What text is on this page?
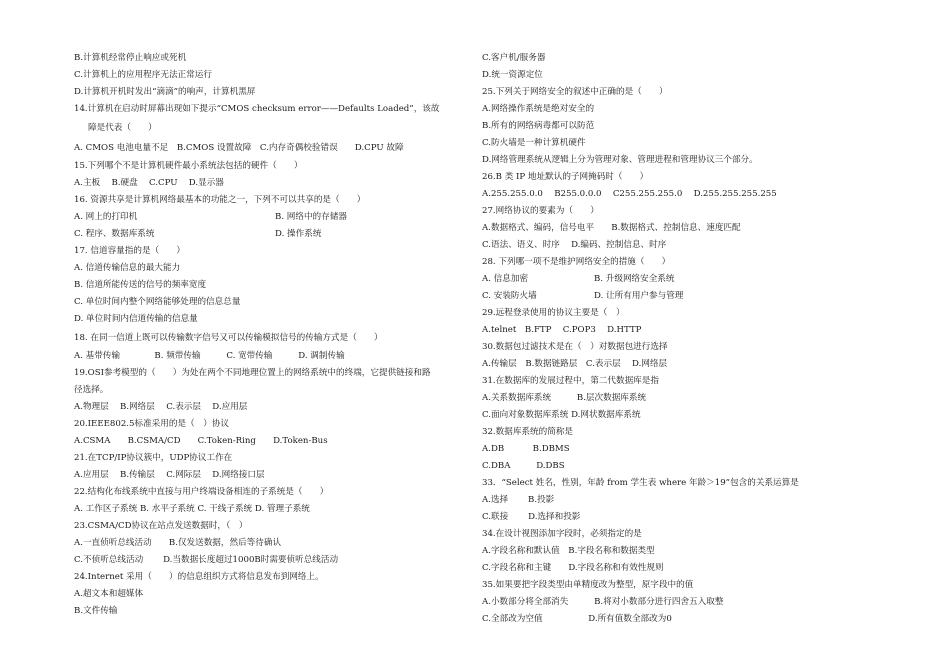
B.计算机经常停止响应或死机
C.计算机上的应用程序无法正常运行
D.计算机开机时发出“滴滴”的响声，计算机黑屏
14.计算机在启动时屏幕出现如下提示“CMOS checksum error——Defaults Loaded”，该故
障是代表（　　）
A. CMOS 电池电量不足　B.CMOS 设置故障　C.内存奇偶校验错误　　D.CPU 故障
15.下列哪个不是计算机硬件最小系统法包括的硬件（　　）
A.主板　 B.硬盘　 C.CPU　 D.显示器
16. 资源共享是计算机网络最基本的功能之一，下列不可以共享的是（　　）
A. 网上的打印机	B. 网络中的存储器
C. 程序、数据库系统	D. 操作系统
17. 信道容量指的是（　　）
A. 信道传输信息的最大能力
B. 信道所能传送的信号的频率宽度
C. 单位时间内整个网络能够处理的信息总量
D. 单位时间内信道传输的信息量
18. 在同一信道上既可以传输数字信号又可以传输模拟信号的传输方式是（　　）
A. 基带传输　　　　B. 频带传输　　　C. 宽带传输　　　D. 调制传输
19.OSI参考模型的（　　）为处在两个不同地理位置上的网络系统中的终端，它提供链接和路
径选择。
A.物理层　 B.网络层　 C.表示层　 D.应用层
20.IEEE802.5标准采用的是（　）协议
A.CSMA　　B.CSMA/CD　　C.Token-Ring　　D.Token-Bus
21.在TCP/IP协议簇中，UDP协议工作在
A.应用层　 B.传输层　 C.网际层　 D.网络接口层
22.结构化布线系统中直接与用户终端设备相连的子系统是（　　）
A. 工作区子系统 B. 水平子系统 C. 干线子系统 D. 管理子系统
23.CSMA/CD协议在站点发送数据时，（　）
A.一直侦听总线活动　　B.仅发送数据，然后等待确认
C.不侦听总线活动　　 D.当数据长度超过1000B时需要侦听总线活动
24.Internet 采用（　　）的信息组织方式将信息发布到网络上。
A.超文本和超媒体
B.文件传输
C.客户机/服务器
D.统一资源定位
25.下列关于网络安全的叙述中正确的是（　　）
A.网络操作系统是绝对安全的
B.所有的网络病毒都可以防范
C.防火墙是一种计算机硬件
D.网络管理系统从逻辑上分为管理对象、管理进程和管理协议三个部分。
26.B 类 IP 地址默认的子网掩码时（　　）
A.255.255.0.0　 B255.0.0.0　 C255.255.255.0　 D.255.255.255.255
27.网络协议的要素为（　　）
A.数据格式、编码，信号电平　　B.数据格式、控制信息、速度匹配
C.语法、语义、时序　 D.编码、控制信息、时序
28. 下列哪一项不是维护网络安全的措施（　　）
A. 信息加密	B. 升级网络安全系统
C. 安装防火墙	D. 让所有用户参与管理
29.远程登录使用的协议主要是（　）
A.telnet　B.FTP　 C.POP3　 D.HTTP
30.数据包过滤技术是在（　）对数据包进行选择
A.传输层　B.数据链路层　C.表示层　 D.网络层
31.在数据库的发展过程中，第二代数据库是指
A.关系数据库系统　　　B.层次数据库系统
C.面向对象数据库系统 D.网状数据库系统
32.数据库系统的简称是
A.DB　　　 B.DBMS
C.DBA　　　D.DBS
33．“Select 姓名，性别，年龄 from 学生表 where 年龄＞19”包含的关系运算是
A.选择　　 B.投影
C.联接　　 D.选择和投影
34.在设计视图添加字段时，必须指定的是
A.字段名称和默认值　B.字段名称和数据类型
C.字段名称和主键　　D.字段名称和有效性规则
35.如果要把字段类型由单精度改为整型，原字段中的值
A.小数部分将全部消失　　　B.将对小数部分进行四舍五入取整
C.全部改为空值　　　　　 D.所有值数全部改为0
